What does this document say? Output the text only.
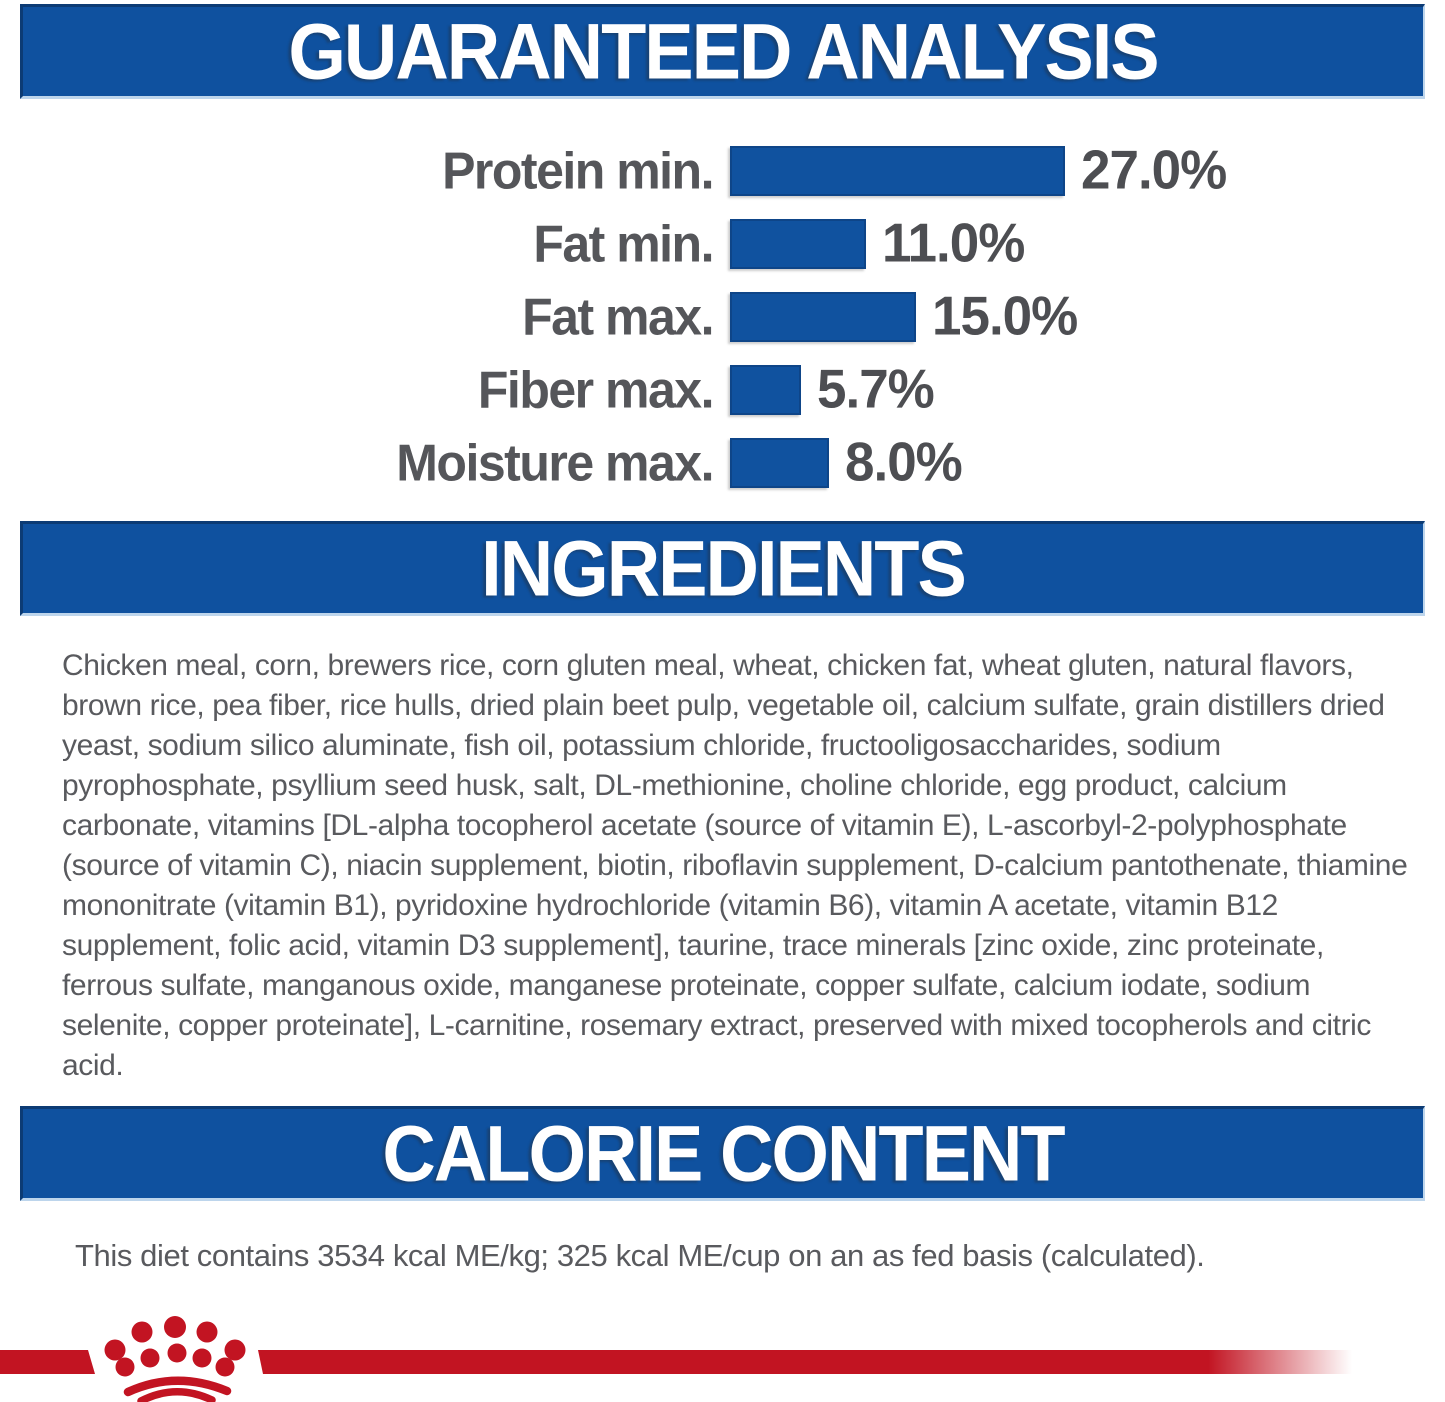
GUARANTEED ANALYSIS
Protein min.	27.0%
Fat min.	11.0%
Fat max.	15.0%
Fiber max. 5.7%
Moisture max. 8.0%
INGREDIENTS
Chicken meal, corn, brewers rice, corn gluten meal, wheat, chicken fat, wheat gluten, natural flavors, brown rice, pea fiber, rice hulls, dried plain beet pulp, vegetable oil, calcium sulfate, grain distillers dried yeast, sodium silico aluminate, fish oil, potassium chloride, fructooligosaccharides, sodium pyrophosphate, psyllium seed husk, salt, DL-methionine, choline chloride, egg product, calcium carbonate, vitamins [DL-alpha tocopherol acetate (source of vitamin E), L-ascorbyl-2-polyphosphate (source of vitamin C), niacin supplement, biotin, riboflavin supplement, D-calcium pantothenate, thiamine mononitrate (vitamin B1), pyridoxine hydrochloride (vitamin B6), vitamin A acetate, vitamin B12 supplement, folic acid, vitamin D3 supplement], taurine, trace minerals [zinc oxide, zinc proteinate, ferrous sulfate, manganous oxide, manganese proteinate, copper sulfate, calcium iodate, sodium selenite, copper proteinate], L-carnitine, rosemary extract, preserved with mixed tocopherols and citric acid.
CALORIE CONTENT
This diet contains 3534 kcal ME/kg; 325 kcal ME/cup on an as fed basis (calculated).
